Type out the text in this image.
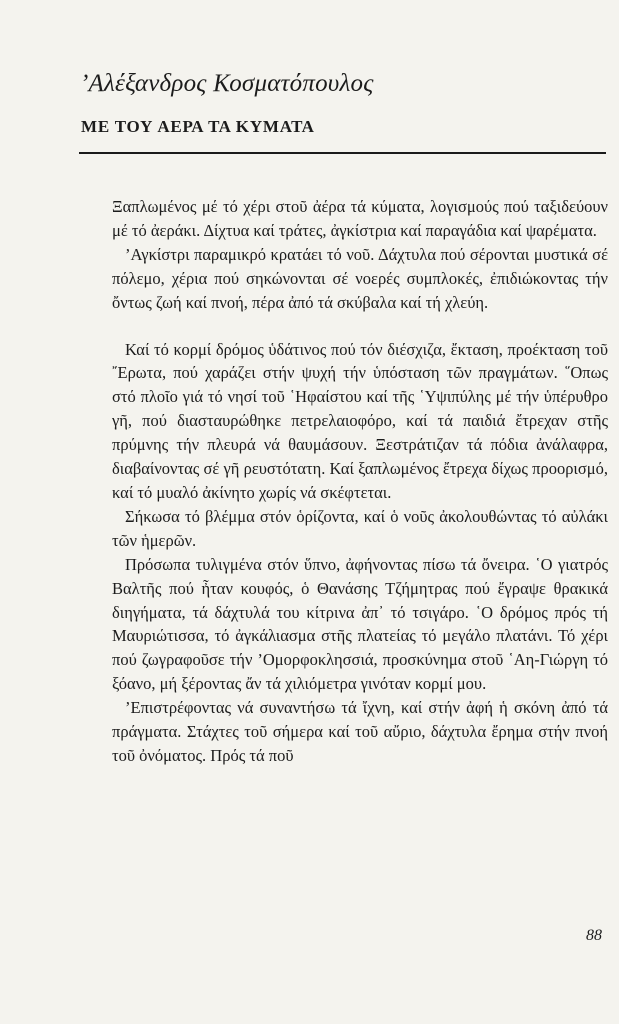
’Αλέξανδρος Κοσματόπουλος
ΜΕ ΤΟΥ ΑΕΡΑ ΤΑ ΚΥΜΑΤΑ

Ξαπλωμένος μέ τό χέρι στοῦ ἀέρα τά κύματα, λογισμούς πού ταξιδεύουν μέ τό ἀεράκι. Δίχτυα καί τράτες, ἀγκίστρια καί παραγάδια καί ψαρέματα.

’Αγκίστρι παραμικρό κρατάει τό νοῦ. Δάχτυλα πού σέρονται μυστικά σέ πόλεμο, χέρια πού σηκώνονται σέ νοερές συμπλοκές, ἐπιδιώκοντας τήν ὄντως ζωή καί πνοή, πέρα ἀπό τά σκύβαλα καί τή χλεύη.

Καί τό κορμί δρόμος ὑδάτινος πού τόν διέσχιζα, ἔκταση, προέκταση τοῦ ῎Ερωτα, πού χαράζει στήν ψυχή τήν ὑπόσταση τῶν πραγμάτων. ῞Οπως στό πλοῖο γιά τό νησί τοῦ ῾Ηφαίστου καί τῆς ῾Υψιπύλης μέ τήν ὑπέρυθρο γῆ, πού διασταυρώθηκε πετρελαιοφόρο, καί τά παιδιά ἔτρεχαν στῆς πρύμνης τήν πλευρά νά θαυμάσουν. Ξεστράτιζαν τά πόδια ἀνάλαφρα, διαβαίνοντας σέ γῆ ρευστότατη. Καί ξαπλωμένος ἔτρεχα δίχως προορισμό, καί τό μυαλό ἀκίνητο χωρίς νά σκέφτεται.

Σήκωσα τό βλέμμα στόν ὁρίζοντα, καί ὁ νοῦς ἀκολουθώντας τό αὐλάκι τῶν ἡμερῶν.

Πρόσωπα τυλιγμένα στόν ὕπνο, ἀφήνοντας πίσω τά ὄνειρα. ῾Ο γιατρός Βαλτῆς πού ἦταν κουφός, ὁ Θανάσης Τζήμητρας πού ἔγραψε θρακικά διηγήματα, τά δάχτυλά του κίτρινα ἀπ᾽ τό τσιγάρο. ῾Ο δρόμος πρός τή Μαυριώτισσα, τό ἀγκάλιασμα στῆς πλατείας τό μεγάλο πλατάνι. Τό χέρι πού ζωγραφοῦσε τήν ’Ομορφοκλησσιά, προσκύνημα στοῦ ῾Αη-Γιώργη τό ξόανο, μή ξέροντας ἄν τά χιλιόμετρα γινόταν κορμί μου.

’Επιστρέφοντας νά συναντήσω τά ἴχνη, καί στήν ἀφή ἡ σκόνη ἀπό τά πράγματα. Στάχτες τοῦ σήμερα καί τοῦ αὔριο, δάχτυλα ἔρημα στήν πνοή τοῦ ὀνόματος. Πρός τά ποῦ

88
